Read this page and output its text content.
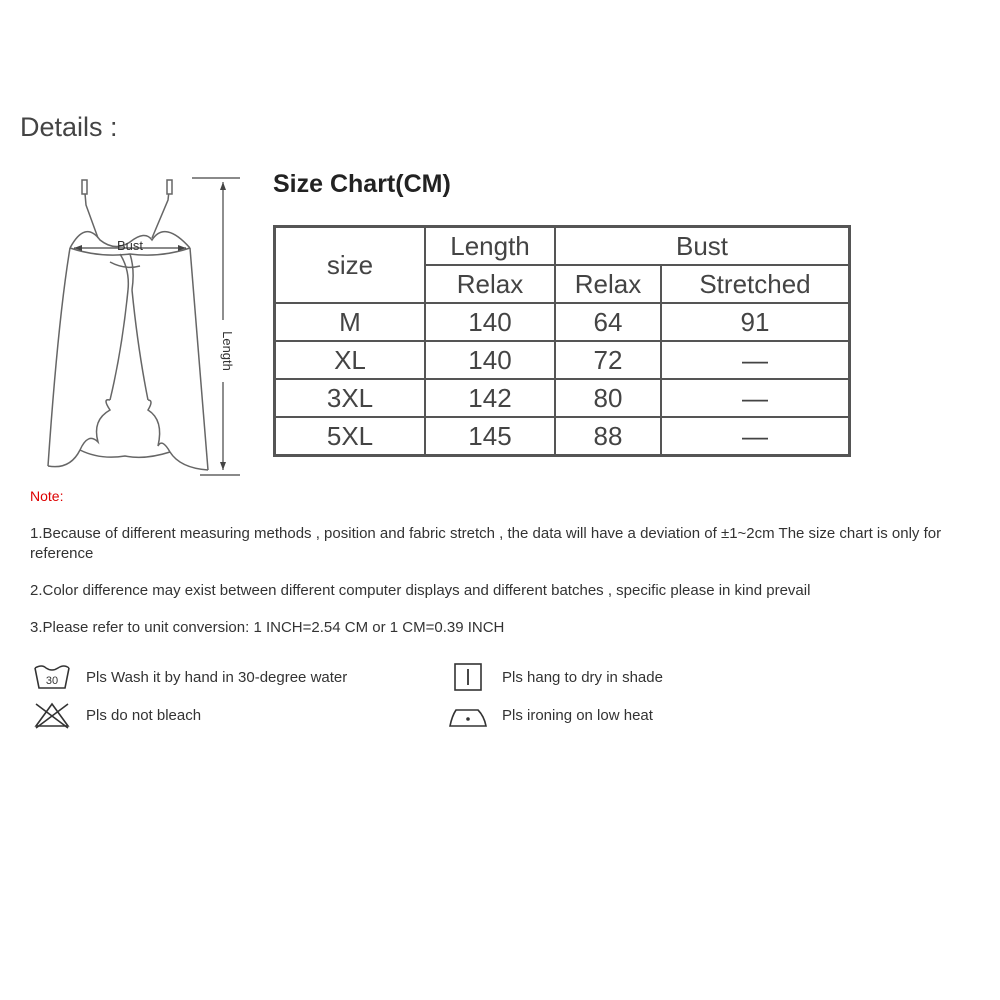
Details :
Bust
Length
Size Chart(CM)
size	Length	Bust	
	Relax	Relax	Stretched
M	140	64	91
XL	140	72	—
3XL	142	80	—
5XL	145	88	—
Note:
1.Because of different measuring methods , position and fabric stretch , the data will have a deviation of ±1~2cm The size chart is only for reference
2.Color difference may exist between different computer displays and different batches , specific please in kind prevail
3.Please refer to unit conversion: 1 INCH=2.54 CM or 1 CM=0.39 INCH
30 Pls Wash it by hand in 30-degree water
Pls do not bleach
Pls hang to dry in shade
Pls ironing on low heat
